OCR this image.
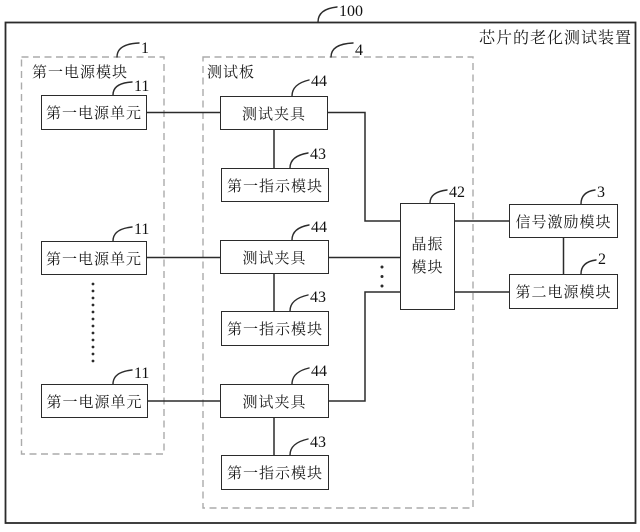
芯片的老化测试装置
第一电源模块	测试板
第一电源单元
第一电源单元
第一电源单元
测试夹具
测试夹具
测试夹具
第一指示模块
第一指示模块
第一指示模块
晶振
模块
信号激励模块
第二电源模块
100
1	4
11
11
11
44
44
44
43
43
43
42	3
2
